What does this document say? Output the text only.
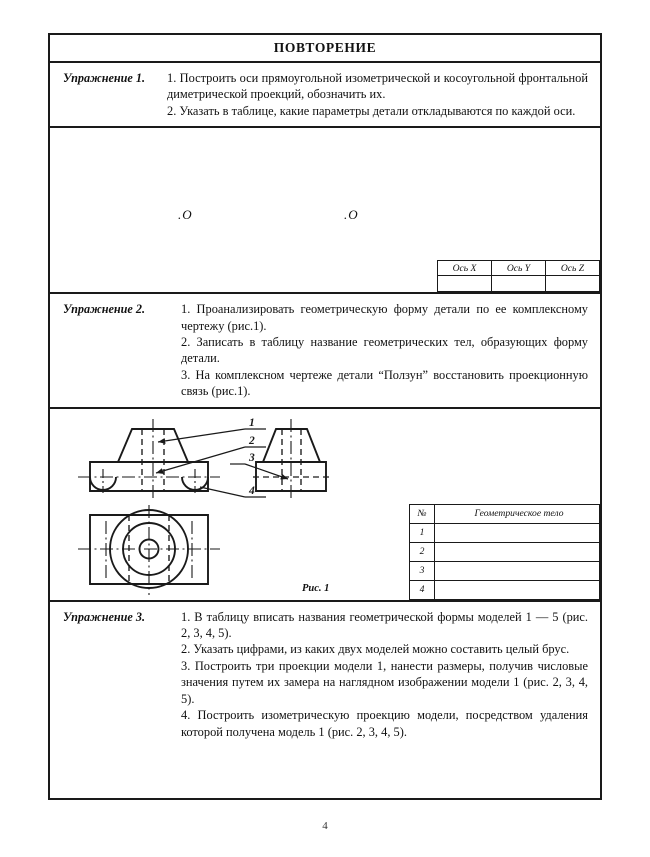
ПОВТОРЕНИЕ
Упражнение 1.	1. Построить оси прямоугольной изометрической и косоугольной фронтальной диметрической проекций, обозначить их.

2. Указать в таблице, какие параметры детали откладываются по каждой оси.

.O	.O
Ось X	Ось Y	Ось Z

Упражнение 2.	1. Проанализировать геометрическую форму детали по ее комплексному чертежу (рис.1).

2. Записать в таблицу название геометрических тел, образующих форму детали.

3. На комплексном чертеже детали “Ползун” восстановить проекционную связь (рис.1).

1
2
3
4
Рис. 1
№	Геометрическое тело
1	
2	
3	
4	
Упражнение 3.	1. В таблицу вписать названия геометрической формы моделей 1 — 5 (рис. 2, 3, 4, 5).

2. Указать цифрами, из каких двух моделей можно составить целый брус.

3. Построить три проекции модели 1, нанести размеры, получив числовые значения путем их замера на наглядном изображении модели 1 (рис. 2, 3, 4, 5).

4. Построить изометрическую проекцию модели, посредством удаления которой получена модель 1 (рис. 2, 3, 4, 5).

4
